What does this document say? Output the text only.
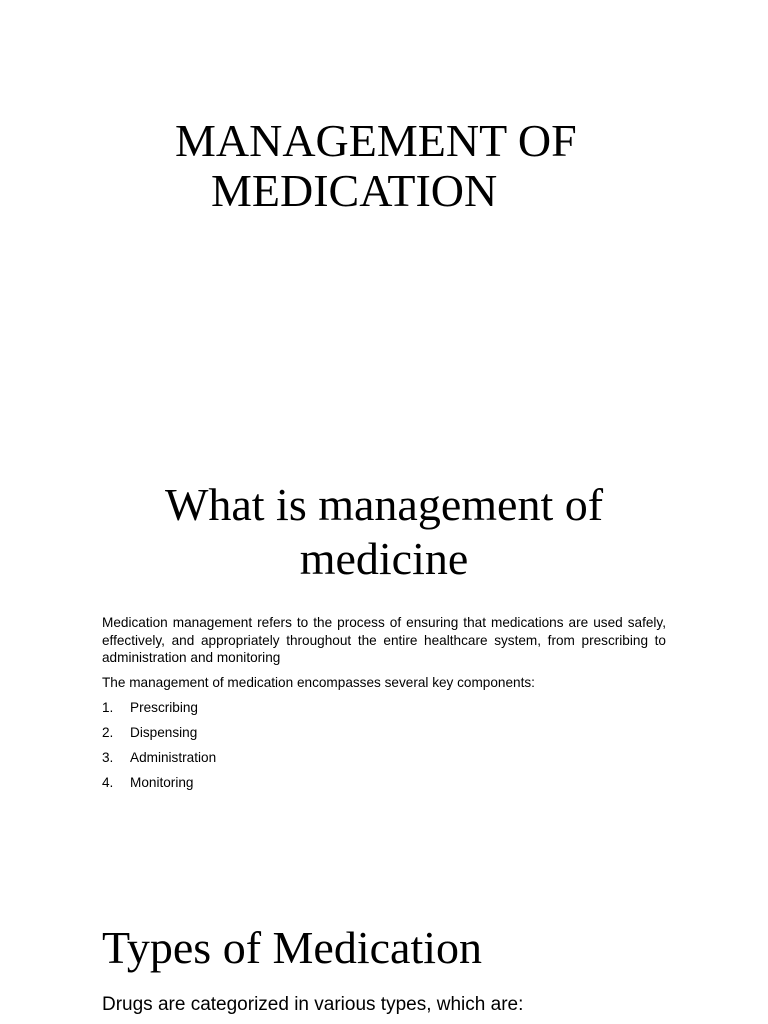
MANAGEMENT OF
MEDICATION
What is management of
medicine

Medication management refers to the process of ensuring that medications are used safely, effectively, and appropriately throughout the entire healthcare system, from prescribing to administration and monitoring

The management of medication encompasses several key components:

1. Prescribing
2. Dispensing
3. Administration
4. Monitoring
Types of Medication

Drugs are categorized in various types, which are:
